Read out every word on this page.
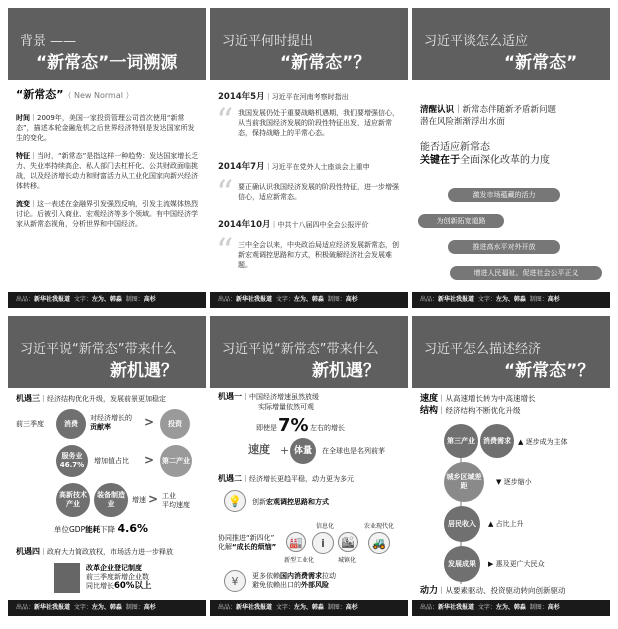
背景 ——
“新常态”一词溯源

“新常态”（ New Normal ）

时间｜2009年，美国一家投资管理公司首次使用“新常态”，描述本轮金融危机之后世界经济特别是发达国家所发生的变化。

特征｜当时，“新常态”是指这样一种趋势：发达国家增长乏力、失业率持续高企、私人部门去杠杆化、公共财政面临挑战，以及经济增长动力和财富活力从工业化国家向新兴经济体转移。

流变｜这一表述在金融界引发强烈反响，引发主流媒体热烈讨论。后被引入商业、宏观经济等多个领域。有中国经济学家从新常态视角，分析世界和中国经济。

出品：新华社我报道 文字：左为、韩淼 制图：高杉
习近平何时提出
“新常态”？
2014年5月｜习近平在河南考察时指出
“ 我国发展仍处于重要战略机遇期，我们要增强信心，从当前我国经济发展的阶段性特征出发，适应新常态，保持战略上的平常心态。
2014年7月｜习近平在党外人士座谈会上重申
“ 要正确认识我国经济发展的阶段性特征，进一步增强信心，适应新常态。
2014年10月｜中共十八届四中全会公报评价
“ 三中全会以来，中央政治局适应经济发展新常态，创新宏观调控思路和方式，积极破解经济社会发展难题。
出品：新华社我报道 文字：左为、韩淼 制图：高杉
习近平谈怎么适应
“新常态”
清醒认识｜新常态伴随新矛盾新问题
潜在风险渐渐浮出水面
能否适应新常态
关键在于全面深化改革的力度
激发市场蕴藏的活力
为创新拓宽道路
推进高水平对外开放
增进人民福祉、促进社会公平正义
出品：新华社我报道 文字：左为、韩淼 制图：高杉
习近平说“新常态”带来什么
新机遇？
机遇三｜经济结构优化升级，发展前景更加稳定
前三季度	消费
对经济增长的
贡献率	>	投资
服务业
46.7% 增加值占比 > 第二产业
高新技术产业
装备制造业	增速 > 工业
平均速度
单位GDP能耗下降 4.6%
机遇四｜政府大力简政放权，市场活力进一步释放
改革企业登记制度
前三季度新增企业数
同比增长60%以上
出品：新华社我报道 文字：左为、韩淼 制图：高杉
习近平说“新常态”带来什么
新机遇？
机遇一｜中国经济增速虽然放缓
实际增量依然可观
即使是 7% 左右的增长
速度 + 体量	在全球也是名列前茅
机遇二｜经济增长更趋平稳，动力更为多元
💡	创新宏观调控思路和方式
协同推进“新四化”
化解“成长的烦恼”
信息化	农业现代化
🏭	i	🏙	🚜
新型工业化	城镇化
¥	更多依赖国内消费需求拉动
避免依赖出口的外部风险
出品：新华社我报道 文字：左为、韩淼 制图：高杉
习近平怎么描述经济
“新常态”？
速度｜从高速增长转为中高速增长
结构｜经济结构不断优化升级
第三产业	消费需求	▲ 逐步成为主体
城乡区域差距	▼ 逐步缩小
居民收入	▲ 占比上升
发展成果	▶ 惠及更广大民众
动力｜从要素驱动、投资驱动转向创新驱动
出品：新华社我报道 文字：左为、韩淼 制图：高杉
